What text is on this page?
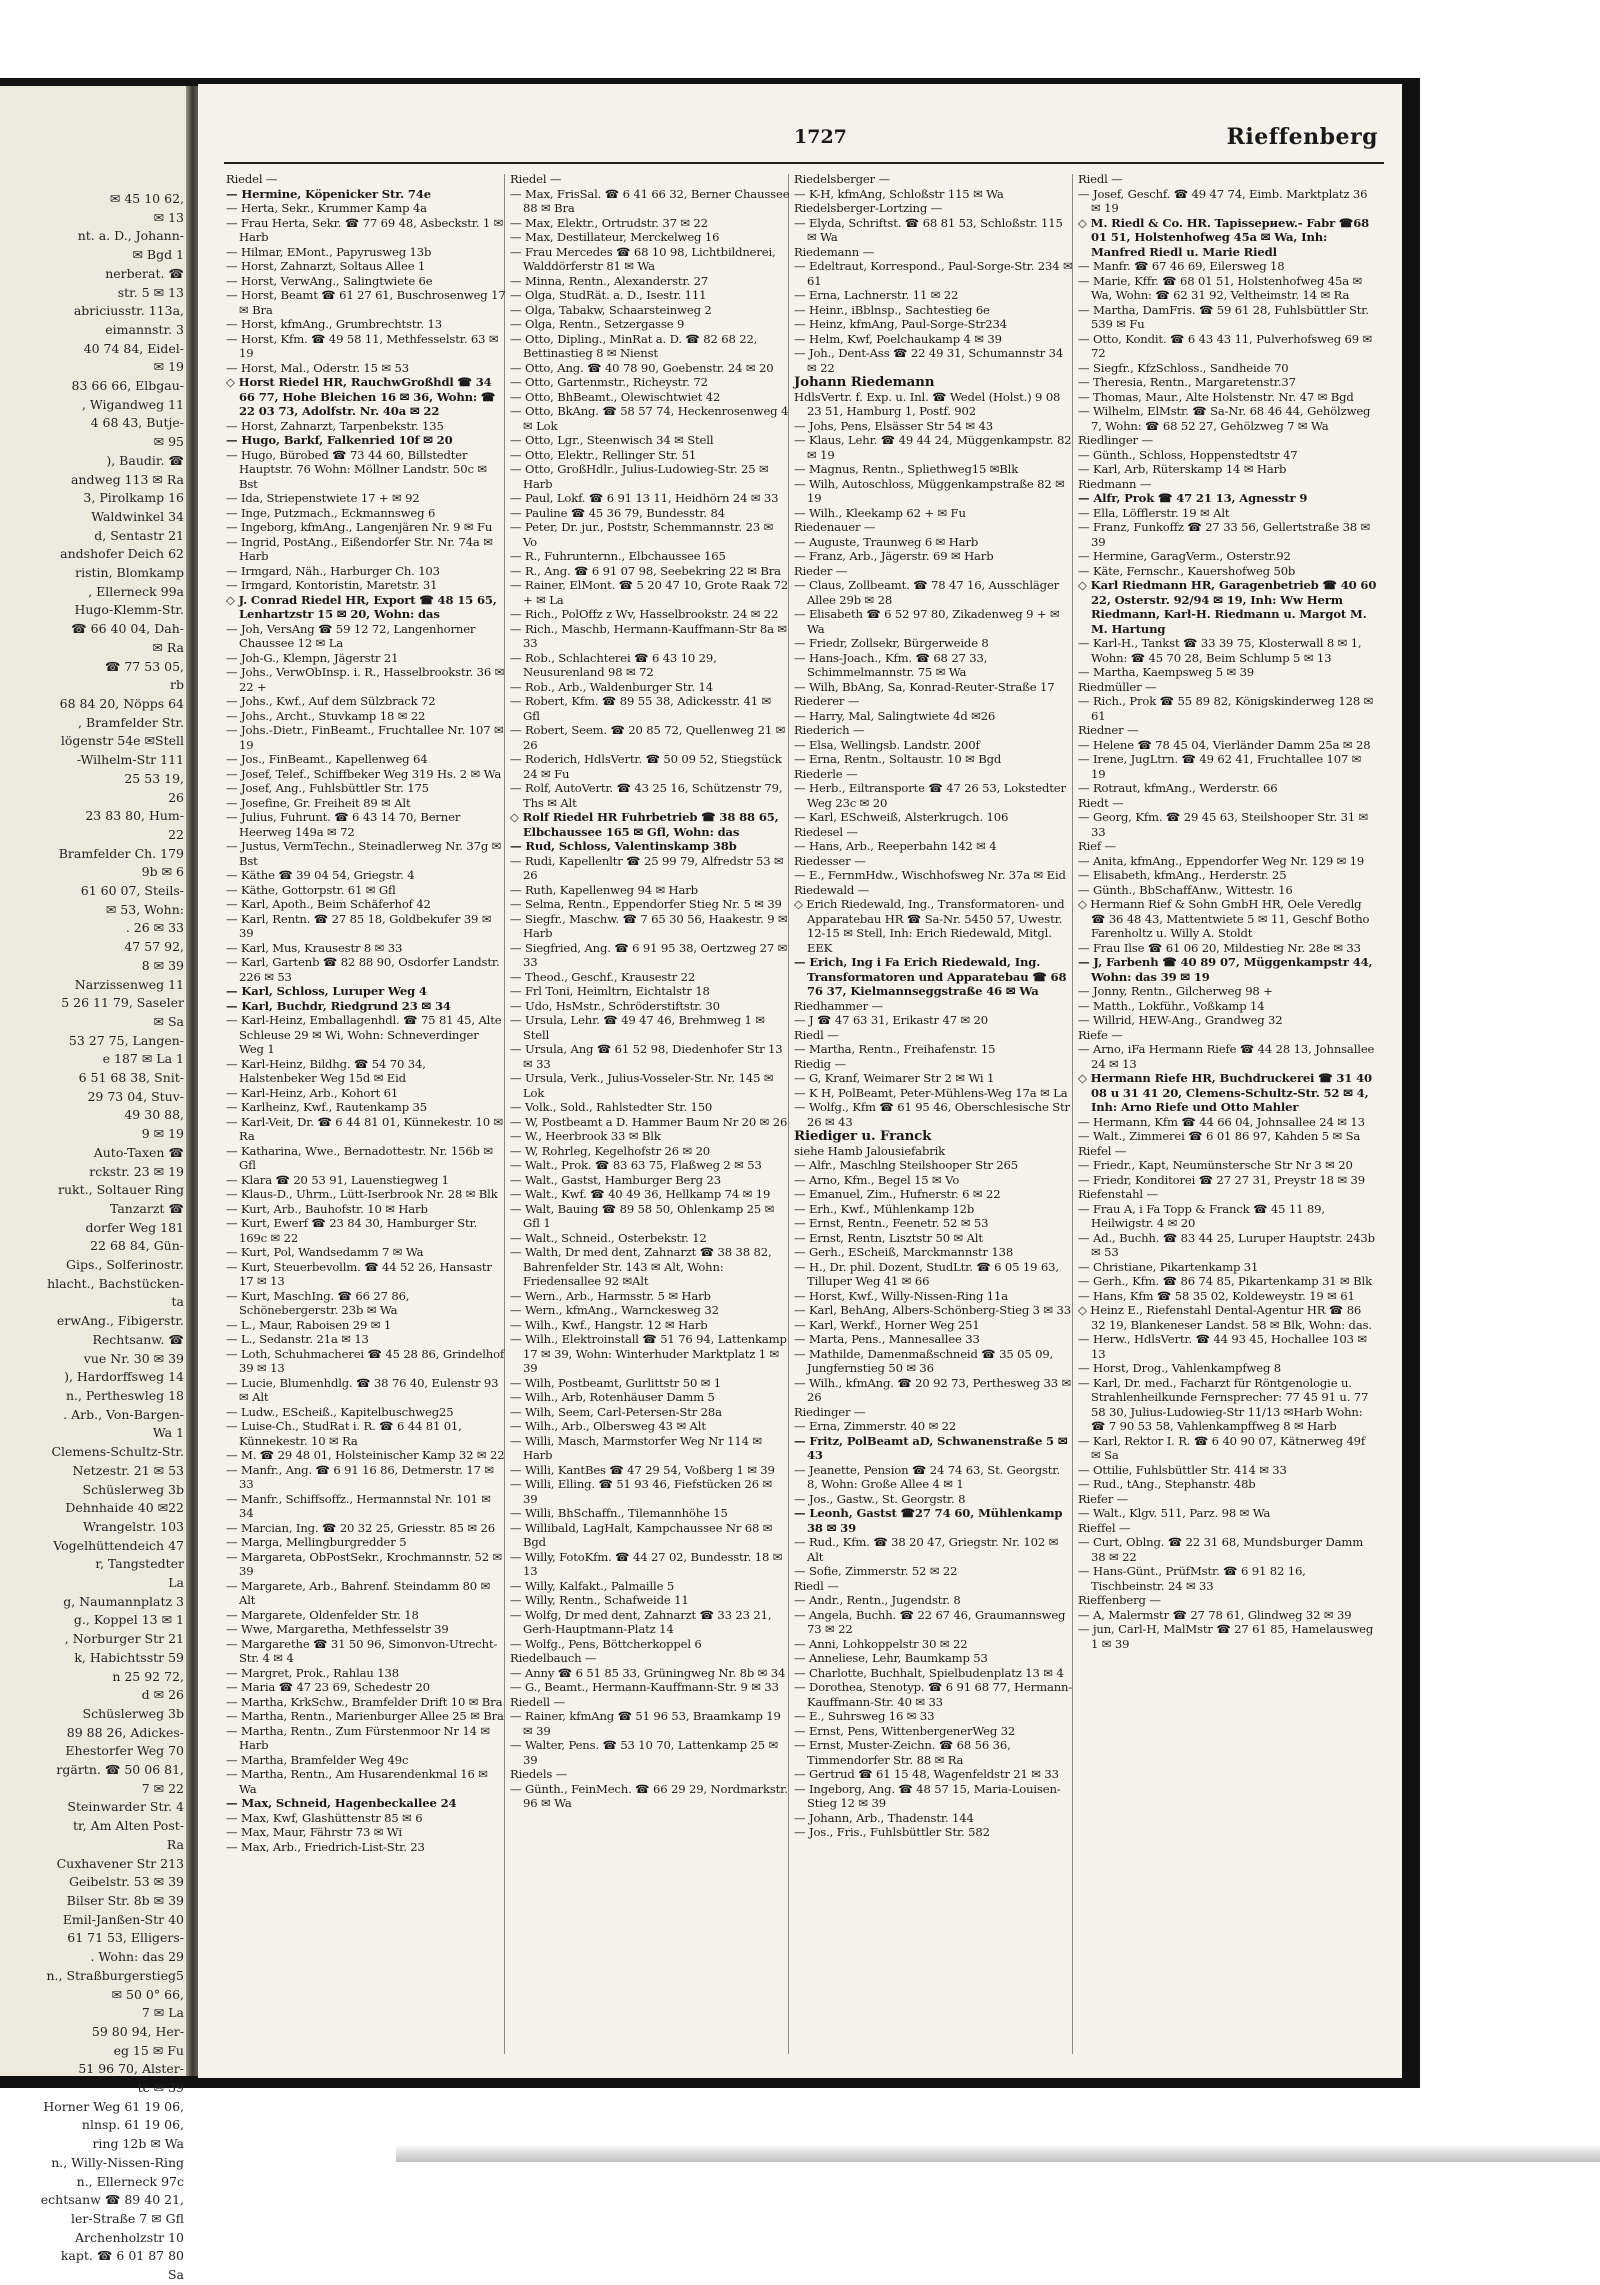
✉ 45 10 62,
✉ 13
nt. a. D., Johann-
✉ Bgd 1
nerberat. ☎
str. 5 ✉ 13
abriciusstr. 113a,
eimannstr. 3
40 74 84, Eidel-
✉ 19
83 66 66, Elbgau-
, Wigandweg 11
4 68 43, Butje-
✉ 95
), Baudir. ☎
andweg 113 ✉ Ra
3, Pirolkamp 16
Waldwinkel 34
d, Sentastr 21
andshofer Deich 62
ristin, Blomkamp
, Ellerneck 99a
Hugo-Klemm-Str.
☎ 66 40 04, Dah-
✉ Ra
☎ 77 53 05,
rb
68 84 20, Nöpps 64
, Bramfelder Str.
lögenstr 54e ✉Stell
-Wilhelm-Str 111
25 53 19,
26
23 83 80, Hum-
22
Bramfelder Ch. 179
9b ✉ 6
61 60 07, Steils-
✉ 53, Wohn:
. 26 ✉ 33
47 57 92,
8 ✉ 39
Narzissenweg 11
5 26 11 79, Saseler
✉ Sa
53 27 75, Langen-
e 187 ✉ La 1
6 51 68 38, Snit-
29 73 04, Stuv-
49 30 88,
9 ✉ 19
Auto-Taxen ☎
rckstr. 23 ✉ 19
rukt., Soltauer Ring
Tanzarzt ☎
dorfer Weg 181
22 68 84, Gün-
Gips., Solferinostr.
hlacht., Bachstücken-
ta
erwAng., Fibigerstr.
Rechtsanw. ☎
vue Nr. 30 ✉ 39
), Hardorffsweg 14
n., Pertheswleg 18
. Arb., Von-Bargen-
Wa 1
Clemens-Schultz-Str.
Netzestr. 21 ✉ 53
Schüslerweg 3b
Dehnhaide 40 ✉22
Wrangelstr. 103
Vogelhüttendeich 47
r, Tangstedter
La
g, Naumannplatz 3
g., Koppel 13 ✉ 1
, Norburger Str 21
k, Habichtsstr 59
n 25 92 72,
d ✉ 26
Schüslerweg 3b
89 88 26, Adickes-
Ehestorfer Weg 70
rgärtn. ☎ 50 06 81,
7 ✉ 22
Steinwarder Str. 4
tr, Am Alten Post-
Ra
Cuxhavener Str 213
Geibelstr. 53 ✉ 39
Bilser Str. 8b ✉ 39
Emil-Janßen-Str 40
61 71 53, Elligers-
. Wohn: das 29
n., Straßburgerstieg5
✉ 50 0° 66,
7 ✉ La
59 80 94, Her-
eg 15 ✉ Fu
51 96 70, Alster-
tc ✉ 39
Horner Weg 61 19 06,
nlnsp. 61 19 06,
ring 12b ✉ Wa
n., Willy-Nissen-Ring
n., Ellerneck 97c
echtsanw ☎ 89 40 21,
ler-Straße 7 ✉ Gfl
Archenholzstr 10
kapt. ☎ 6 01 87 80
Sa
1727	Rieffenberg
Riedel —
— Hermine, Köpenicker Str. 74e
— Herta, Sekr., Krummer Kamp 4a
— Frau Herta, Sekr. ☎ 77 69 48, Asbeckstr. 1 ✉ Harb
— Hilmar, EMont., Papyrusweg 13b
— Horst, Zahnarzt, Soltaus Allee 1
— Horst, VerwAng., Salingtwiete 6e
— Horst, Beamt ☎ 61 27 61, Buschrosenweg 17 ✉ Bra
— Horst, kfmAng., Grumbrechtstr. 13
— Horst, Kfm. ☎ 49 58 11, Methfesselstr. 63 ✉ 19
— Horst, Mal., Oderstr. 15 ✉ 53
◇ Horst Riedel HR, RauchwGroßhdl ☎ 34 66 77, Hohe Bleichen 16 ✉ 36, Wohn: ☎ 22 03 73, Adolfstr. Nr. 40a ✉ 22
— Horst, Zahnarzt, Tarpenbekstr. 135
— Hugo, Barkf, Falkenried 10f ✉ 20
— Hugo, Bürobed ☎ 73 44 60, Billstedter Hauptstr. 76 Wohn: Möllner Landstr. 50c ✉ Bst
— Ida, Striepenstwiete 17 + ✉ 92
— Inge, Putzmach., Eckmannsweg 6
— Ingeborg, kfmAng., Langenjären Nr. 9 ✉ Fu
— Ingrid, PostAng., Eißendorfer Str. Nr. 74a ✉ Harb
— Irmgard, Näh., Harburger Ch. 103
— Irmgard, Kontoristin, Maretstr. 31
◇ J. Conrad Riedel HR, Export ☎ 48 15 65, Lenhartzstr 15 ✉ 20, Wohn: das
— Joh, VersAng ☎ 59 12 72, Langenhorner Chaussee 12 ✉ La
— Joh-G., Klempn, Jägerstr 21
— Johs., VerwObInsp. i. R., Hasselbrookstr. 36 ✉ 22 +
— Johs., Kwf., Auf dem Sülzbrack 72
— Johs., Archt., Stuvkamp 18 ✉ 22
— Johs.-Dietr., FinBeamt., Fruchtallee Nr. 107 ✉ 19
— Jos., FinBeamt., Kapellenweg 64
— Josef, Telef., Schiffbeker Weg 319 Hs. 2 ✉ Wa
— Josef, Ang., Fuhlsbüttler Str. 175
— Josefine, Gr. Freiheit 89 ✉ Alt
— Julius, Fuhrunt. ☎ 6 43 14 70, Berner Heerweg 149a ✉ 72
— Justus, VermTechn., Steinadlerweg Nr. 37g ✉ Bst
— Käthe ☎ 39 04 54, Griegstr. 4
— Käthe, Gottorpstr. 61 ✉ Gfl
— Karl, Apoth., Beim Schäferhof 42
— Karl, Rentn. ☎ 27 85 18, Goldbekufer 39 ✉ 39
— Karl, Mus, Krausestr 8 ✉ 33
— Karl, Gartenb ☎ 82 88 90, Osdorfer Landstr. 226 ✉ 53
— Karl, Schloss, Luruper Weg 4
— Karl, Buchdr, Riedgrund 23 ✉ 34
— Karl-Heinz, Emballagenhdl. ☎ 75 81 45, Alte Schleuse 29 ✉ Wi, Wohn: Schneverdinger Weg 1
— Karl-Heinz, Bildhg. ☎ 54 70 34, Halstenbeker Weg 15d ✉ Eid
— Karl-Heinz, Arb., Kohort 61
— Karlheinz, Kwf., Rautenkamp 35
— Karl-Veit, Dr. ☎ 6 44 81 01, Künnekestr. 10 ✉ Ra
— Katharina, Wwe., Bernadottestr. Nr. 156b ✉ Gfl
— Klara ☎ 20 53 91, Lauenstiegweg 1
— Klaus-D., Uhrm., Lütt-Iserbrook Nr. 28 ✉ Blk
— Kurt, Arb., Bauhofstr. 10 ✉ Harb
— Kurt, Ewerf ☎ 23 84 30, Hamburger Str. 169c ✉ 22
— Kurt, Pol, Wandsedamm 7 ✉ Wa
— Kurt, Steuerbevollm. ☎ 44 52 26, Hansastr 17 ✉ 13
— Kurt, MaschIng. ☎ 66 27 86, Schönebergerstr. 23b ✉ Wa
— L., Maur, Raboisen 29 ✉ 1
— L., Sedanstr. 21a ✉ 13
— Loth, Schuhmacherei ☎ 45 28 86, Grindelhof 39 ✉ 13
— Lucie, Blumenhdlg. ☎ 38 76 40, Eulenstr 93 ✉ Alt
— Ludw., EScheiß., Kapitelbuschweg25
— Luise-Ch., StudRat i. R. ☎ 6 44 81 01, Künnekestr. 10 ✉ Ra
— M. ☎ 29 48 01, Holsteinischer Kamp 32 ✉ 22
— Manfr., Ang. ☎ 6 91 16 86, Detmerstr. 17 ✉ 33
— Manfr., Schiffsoffz., Hermannstal Nr. 101 ✉ 34
— Marcian, Ing. ☎ 20 32 25, Griesstr. 85 ✉ 26
— Marga, Mellingburgredder 5
— Margareta, ObPostSekr., Krochmannstr. 52 ✉ 39
— Margarete, Arb., Bahrenf. Steindamm 80 ✉ Alt
— Margarete, Oldenfelder Str. 18
— Wwe, Margaretha, Methfesselstr 39
— Margarethe ☎ 31 50 96, Simonvon-Utrecht-Str. 4 ✉ 4
— Margret, Prok., Rahlau 138
— Maria ☎ 47 23 69, Schedestr 20
— Martha, KrkSchw., Bramfelder Drift 10 ✉ Bra
— Martha, Rentn., Marienburger Allee 25 ✉ Bra
— Martha, Rentn., Zum Fürstenmoor Nr 14 ✉ Harb
— Martha, Bramfelder Weg 49c
— Martha, Rentn., Am Husarendenkmal 16 ✉ Wa
— Max, Schneid, Hagenbeckallee 24
— Max, Kwf, Glashüttenstr 85 ✉ 6
— Max, Maur, Fährstr 73 ✉ Wi
— Max, Arb., Friedrich-List-Str. 23
Riedel —
— Max, FrisSal. ☎ 6 41 66 32, Berner Chaussee 88 ✉ Bra
— Max, Elektr., Ortrudstr. 37 ✉ 22
— Max, Destillateur, Merckelweg 16
— Frau Mercedes ☎ 68 10 98, Lichtbildnerei, Walddörferstr 81 ✉ Wa
— Minna, Rentn., Alexanderstr. 27
— Olga, StudRät. a. D., Isestr. 111
— Olga, Tabakw, Schaarsteinweg 2
— Olga, Rentn., Setzergasse 9
— Otto, Dipling., MinRat a. D. ☎ 82 68 22, Bettinastieg 8 ✉ Nienst
— Otto, Ang. ☎ 40 78 90, Goebenstr. 24 ✉ 20
— Otto, Gartenmstr., Richeystr. 72
— Otto, BhBeamt., Olewischtwiet 42
— Otto, BkAng. ☎ 58 57 74, Heckenrosenweg 4 ✉ Lok
— Otto, Lgr., Steenwisch 34 ✉ Stell
— Otto, Elektr., Rellinger Str. 51
— Otto, GroßHdlr., Julius-Ludowieg-Str. 25 ✉ Harb
— Paul, Lokf. ☎ 6 91 13 11, Heidhörn 24 ✉ 33
— Pauline ☎ 45 36 79, Bundesstr. 84
— Peter, Dr. jur., Poststr, Schemmannstr. 23 ✉ Vo
— R., Fuhrunternn., Elbchaussee 165
— R., Ang. ☎ 6 91 07 98, Seebekring 22 ✉ Bra
— Rainer, ElMont. ☎ 5 20 47 10, Grote Raak 72 + ✉ La
— Rich., PolOffz z Wv, Hasselbrookstr. 24 ✉ 22
— Rich., Maschb, Hermann-Kauffmann-Str 8a ✉ 33
— Rob., Schlachterei ☎ 6 43 10 29, Neusurenland 98 ✉ 72
— Rob., Arb., Waldenburger Str. 14
— Robert, Kfm. ☎ 89 55 38, Adickesstr. 41 ✉ Gfl
— Robert, Seem. ☎ 20 85 72, Quellenweg 21 ✉ 26
— Roderich, HdlsVertr. ☎ 50 09 52, Stiegstück 24 ✉ Fu
— Rolf, AutoVertr. ☎ 43 25 16, Schützenstr 79, Ths ✉ Alt
◇ Rolf Riedel HR Fuhrbetrieb ☎ 38 88 65, Elbchaussee 165 ✉ Gfl, Wohn: das
— Rud, Schloss, Valentinskamp 38b
— Rudi, Kapellenltr ☎ 25 99 79, Alfredstr 53 ✉ 26
— Ruth, Kapellenweg 94 ✉ Harb
— Selma, Rentn., Eppendorfer Stieg Nr. 5 ✉ 39
— Siegfr., Maschw. ☎ 7 65 30 56, Haakestr. 9 ✉ Harb
— Siegfried, Ang. ☎ 6 91 95 38, Oertzweg 27 ✉ 33
— Theod., Geschf., Krausestr 22
— Frl Toni, Heimltrn, Eichtalstr 18
— Udo, HsMstr., Schröderstiftstr. 30
— Ursula, Lehr. ☎ 49 47 46, Brehmweg 1 ✉ Stell
— Ursula, Ang ☎ 61 52 98, Diedenhofer Str 13 ✉ 33
— Ursula, Verk., Julius-Vosseler-Str. Nr. 145 ✉ Lok
— Volk., Sold., Rahlstedter Str. 150
— W, Postbeamt a D. Hammer Baum Nr 20 ✉ 26
— W., Heerbrook 33 ✉ Blk
— W, Rohrleg, Kegelhofstr 26 ✉ 20
— Walt., Prok. ☎ 83 63 75, Flaßweg 2 ✉ 53
— Walt., Gastst, Hamburger Berg 23
— Walt., Kwf. ☎ 40 49 36, Hellkamp 74 ✉ 19
— Walt, Bauing ☎ 89 58 50, Ohlenkamp 25 ✉ Gfl 1
— Walt., Schneid., Osterbekstr. 12
— Walth, Dr med dent, Zahnarzt ☎ 38 38 82, Bahrenfelder Str. 143 ✉ Alt, Wohn: Friedensallee 92 ✉Alt
— Wern., Arb., Harmsstr. 5 ✉ Harb
— Wern., kfmAng., Warnckesweg 32
— Wilh., Kwf., Hangstr. 12 ✉ Harb
— Wilh., Elektroinstall ☎ 51 76 94, Lattenkamp 17 ✉ 39, Wohn: Winterhuder Marktplatz 1 ✉ 39
— Wilh, Postbeamt, Gurlittstr 50 ✉ 1
— Wilh., Arb, Rotenhäuser Damm 5
— Wilh, Seem, Carl-Petersen-Str 28a
— Wilh., Arb., Olbersweg 43 ✉ Alt
— Willi, Masch, Marmstorfer Weg Nr 114 ✉ Harb
— Willi, KantBes ☎ 47 29 54, Voßberg 1 ✉ 39
— Willi, Elling. ☎ 51 93 46, Fiefstücken 26 ✉ 39
— Willi, BhSchaffn., Tilemannhöhe 15
— Willibald, LagHalt, Kampchaussee Nr 68 ✉ Bgd
— Willy, FotoKfm. ☎ 44 27 02, Bundesstr. 18 ✉ 13
— Willy, Kalfakt., Palmaille 5
— Willy, Rentn., Schafweide 11
— Wolfg, Dr med dent, Zahnarzt ☎ 33 23 21, Gerh-Hauptmann-Platz 14
— Wolfg., Pens, Böttcherkoppel 6
Riedelbauch —
— Anny ☎ 6 51 85 33, Grüningweg Nr. 8b ✉ 34
— G., Beamt., Hermann-Kauffmann-Str. 9 ✉ 33
Riedell —
— Rainer, kfmAng ☎ 51 96 53, Braamkamp 19 ✉ 39
— Walter, Pens. ☎ 53 10 70, Lattenkamp 25 ✉ 39
Riedels —
— Günth., FeinMech. ☎ 66 29 29, Nordmarkstr. 96 ✉ Wa
Riedelsberger —
— K-H, kfmAng, Schloßstr 115 ✉ Wa
Riedelsberger-Lortzing —
— Elyda, Schriftst. ☎ 68 81 53, Schloßstr. 115 ✉ Wa
Riedemann —
— Edeltraut, Korrespond., Paul-Sorge-Str. 234 ✉ 61
— Erna, Lachnerstr. 11 ✉ 22
— Heinr., iBblnsp., Sachtestieg 6e
— Heinz, kfmAng, Paul-Sorge-Str234
— Helm, Kwf, Poelchaukamp 4 ✉ 39
— Joh., Dent-Ass ☎ 22 49 31, Schumannstr 34 ✉ 22
Johann Riedemann
HdlsVertr. f. Exp. u. Inl. ☎ Wedel (Holst.) 9 08 23 51, Hamburg 1, Postf. 902
— Johs, Pens, Elsässer Str 54 ✉ 43
— Klaus, Lehr. ☎ 49 44 24, Müggenkampstr. 82 ✉ 19
— Magnus, Rentn., Spliethweg15 ✉Blk
— Wilh, Autoschloss, Müggenkampstraße 82 ✉ 19
— Wilh., Kleekamp 62 + ✉ Fu
Riedenauer —
— Auguste, Traunweg 6 ✉ Harb
— Franz, Arb., Jägerstr. 69 ✉ Harb
Rieder —
— Claus, Zollbeamt. ☎ 78 47 16, Ausschläger Allee 29b ✉ 28
— Elisabeth ☎ 6 52 97 80, Zikadenweg 9 + ✉ Wa
— Friedr, Zollsekr, Bürgerweide 8
— Hans-Joach., Kfm. ☎ 68 27 33, Schimmelmannstr. 75 ✉ Wa
— Wilh, BbAng, Sa, Konrad-Reuter-Straße 17
Riederer —
— Harry, Mal, Salingtwiete 4d ✉26
Riederich —
— Elsa, Wellingsb. Landstr. 200f
— Erna, Rentn., Soltaustr. 10 ✉ Bgd
Riederle —
— Herb., Eiltransporte ☎ 47 26 53, Lokstedter Weg 23c ✉ 20
— Karl, ESchweiß, Alsterkrugch. 106
Riedesel —
— Hans, Arb., Reeperbahn 142 ✉ 4
Riedesser —
— E., FernmHdw., Wischhofsweg Nr. 37a ✉ Eid
Riedewald —
◇ Erich Riedewald, Ing., Transformatoren- und Apparatebau HR ☎ Sa-Nr. 5450 57, Uwestr. 12-15 ✉ Stell, Inh: Erich Riedewald, Mitgl. EEK
— Erich, Ing i Fa Erich Riedewald, Ing. Transformatoren und Apparatebau ☎ 68 76 37, Kielmannseggstraße 46 ✉ Wa
Riedhammer —
— J ☎ 47 63 31, Erikastr 47 ✉ 20
Riedl —
— Martha, Rentn., Freihafenstr. 15
Riedig —
— G, Kranf, Weimarer Str 2 ✉ Wi 1
— K H, PolBeamt, Peter-Mühlens-Weg 17a ✉ La
— Wolfg., Kfm ☎ 61 95 46, Oberschlesische Str 26 ✉ 43
Riediger u. Franck
siehe Hamb Jalousiefabrik
— Alfr., Maschlng Steilshooper Str 265
— Arno, Kfm., Begel 15 ✉ Vo
— Emanuel, Zim., Hufnerstr. 6 ✉ 22
— Erh., Kwf., Mühlenkamp 12b
— Ernst, Rentn., Feenetr. 52 ✉ 53
— Ernst, Rentn, Lisztstr 50 ✉ Alt
— Gerh., EScheiß, Marckmannstr 138
— H., Dr. phil. Dozent, StudLtr. ☎ 6 05 19 63, Tilluper Weg 41 ✉ 66
— Horst, Kwf., Willy-Nissen-Ring 11a
— Karl, BehAng, Albers-Schönberg-Stieg 3 ✉ 33
— Karl, Werkf., Horner Weg 251
— Marta, Pens., Mannesallee 33
— Mathilde, Damenmaßschneid ☎ 35 05 09, Jungfernstieg 50 ✉ 36
— Wilh., kfmAng. ☎ 20 92 73, Perthesweg 33 ✉ 26
Riedinger —
— Erna, Zimmerstr. 40 ✉ 22
— Fritz, PolBeamt aD, Schwanenstraße 5 ✉ 43
— Jeanette, Pension ☎ 24 74 63, St. Georgstr. 8, Wohn: Große Allee 4 ✉ 1
— Jos., Gastw., St. Georgstr. 8
— Leonh, Gastst ☎27 74 60, Mühlenkamp 38 ✉ 39
— Rud., Kfm. ☎ 38 20 47, Griegstr. Nr. 102 ✉ Alt
— Sofie, Zimmerstr. 52 ✉ 22
Riedl —
— Andr., Rentn., Jugendstr. 8
— Angela, Buchh. ☎ 22 67 46, Graumannsweg 73 ✉ 22
— Anni, Lohkoppelstr 30 ✉ 22
— Anneliese, Lehr, Baumkamp 53
— Charlotte, Buchhalt, Spielbudenplatz 13 ✉ 4
— Dorothea, Stenotyp. ☎ 6 91 68 77, Hermann-Kauffmann-Str. 40 ✉ 33
— E., Suhrsweg 16 ✉ 33
— Ernst, Pens, WittenbergenerWeg 32
— Ernst, Muster-Zeichn. ☎ 68 56 36, Timmendorfer Str. 88 ✉ Ra
— Gertrud ☎ 61 15 48, Wagenfeldstr 21 ✉ 33
— Ingeborg, Ang. ☎ 48 57 15, Maria-Louisen-Stieg 12 ✉ 39
— Johann, Arb., Thadenstr. 144
— Jos., Fris., Fuhlsbüttler Str. 582
Riedl —
— Josef, Geschf. ☎ 49 47 74, Eimb. Marktplatz 36 ✉ 19
◇ M. Riedl & Co. HR. Tapissериew.- Fabr ☎68 01 51, Holstenhofweg 45a ✉ Wa, Inh: Manfred Riedl u. Marie Riedl
— Manfr. ☎ 67 46 69, Eilersweg 18
— Marie, Kffr. ☎ 68 01 51, Holstenhofweg 45a ✉ Wa, Wohn: ☎ 62 31 92, Veltheimstr. 14 ✉ Ra
— Martha, DamFris. ☎ 59 61 28, Fuhlsbüttler Str. 539 ✉ Fu
— Otto, Kondit. ☎ 6 43 43 11, Pulverhofsweg 69 ✉ 72
— Siegfr., KfzSchloss., Sandheide 70
— Theresia, Rentn., Margaretenstr.37
— Thomas, Maur., Alte Holstenstr. Nr. 47 ✉ Bgd
— Wilhelm, ElMstr. ☎ Sa-Nr. 68 46 44, Gehölzweg 7, Wohn: ☎ 68 52 27, Gehölzweg 7 ✉ Wa
Riedlinger —
— Günth., Schloss, Hoppenstedtstr 47
— Karl, Arb, Rüterskamp 14 ✉ Harb
Riedmann —
— Alfr, Prok ☎ 47 21 13, Agnesstr 9
— Ella, Löfflerstr. 19 ✉ Alt
— Franz, Funkoffz ☎ 27 33 56, Gellertstraße 38 ✉ 39
— Hermine, GaragVerm., Osterstr.92
— Käte, Fernschr., Kauershofweg 50b
◇ Karl Riedmann HR, Garagenbetrieb ☎ 40 60 22, Osterstr. 92/94 ✉ 19, Inh: Ww Herm Riedmann, Karl-H. Riedmann u. Margot M. M. Hartung
— Karl-H., Tankst ☎ 33 39 75, Klosterwall 8 ✉ 1, Wohn: ☎ 45 70 28, Beim Schlump 5 ✉ 13
— Martha, Kaempsweg 5 ✉ 39
Riedmüller —
— Rich., Prok ☎ 55 89 82, Königskinderweg 128 ✉ 61
Riedner —
— Helene ☎ 78 45 04, Vierländer Damm 25a ✉ 28
— Irene, JugLtrn. ☎ 49 62 41, Fruchtallee 107 ✉ 19
— Rotraut, kfmAng., Werderstr. 66
Riedt —
— Georg, Kfm. ☎ 29 45 63, Steilshooper Str. 31 ✉ 33
Rief —
— Anita, kfmAng., Eppendorfer Weg Nr. 129 ✉ 19
— Elisabeth, kfmAng., Herderstr. 25
— Günth., BbSchaffAnw., Wittestr. 16
◇ Hermann Rief & Sohn GmbH HR, Oele Veredlg ☎ 36 48 43, Mattentwiete 5 ✉ 11, Geschf Botho Farenholtz u. Willy A. Stoldt
— Frau Ilse ☎ 61 06 20, Mildestieg Nr. 28e ✉ 33
— J, Farbenh ☎ 40 89 07, Müggenkampstr 44, Wohn: das 39 ✉ 19
— Jonny, Rentn., Gilcherweg 98 +
— Matth., Lokführ., Voßkamp 14
— Willrid, HEW-Ang., Grandweg 32
Riefe —
— Arno, iFa Hermann Riefe ☎ 44 28 13, Johnsallee 24 ✉ 13
◇ Hermann Riefe HR, Buchdruckerei ☎ 31 40 08 u 31 41 20, Clemens-Schultz-Str. 52 ✉ 4, Inh: Arno Riefe und Otto Mahler
— Hermann, Kfm ☎ 44 66 04, Johnsallee 24 ✉ 13
— Walt., Zimmerei ☎ 6 01 86 97, Kahden 5 ✉ Sa
Riefel —
— Friedr., Kapt, Neumünstersche Str Nr 3 ✉ 20
— Friedr, Konditorei ☎ 27 27 31, Preystr 18 ✉ 39
Riefenstahl —
— Frau A, i Fa Topp & Franck ☎ 45 11 89, Heilwigstr. 4 ✉ 20
— Ad., Buchh. ☎ 83 44 25, Luruper Hauptstr. 243b ✉ 53
— Christiane, Pikartenkamp 31
— Gerh., Kfm. ☎ 86 74 85, Pikartenkamp 31 ✉ Blk
— Hans, Kfm ☎ 58 35 02, Koldeweystr. 19 ✉ 61
◇ Heinz E., Riefenstahl Dental-Agentur HR ☎ 86 32 19, Blankeneser Landst. 58 ✉ Blk, Wohn: das.
— Herw., HdlsVertr. ☎ 44 93 45, Hochallee 103 ✉ 13
— Horst, Drog., Vahlenkampfweg 8
— Karl, Dr. med., Facharzt für Röntgenologie u. Strahlenheilkunde Fernsprecher: 77 45 91 u. 77 58 30, Julius-Ludowieg-Str 11/13 ✉Harb Wohn: ☎ 7 90 53 58, Vahlenkampffweg 8 ✉ Harb
— Karl, Rektor I. R. ☎ 6 40 90 07, Kätnerweg 49f ✉ Sa
— Ottilie, Fuhlsbüttler Str. 414 ✉ 33
— Rud., tAng., Stephanstr. 48b
Riefer —
— Walt., Klgv. 511, Parz. 98 ✉ Wa
Rieffel —
— Curt, Oblng. ☎ 22 31 68, Mundsburger Damm 38 ✉ 22
— Hans-Günt., PrüfMstr. ☎ 6 91 82 16, Tischbeinstr. 24 ✉ 33
Rieffenberg —
— A, Malermstr ☎ 27 78 61, Glindweg 32 ✉ 39
— jun, Carl-H, MalMstr ☎ 27 61 85, Hamelausweg 1 ✉ 39
